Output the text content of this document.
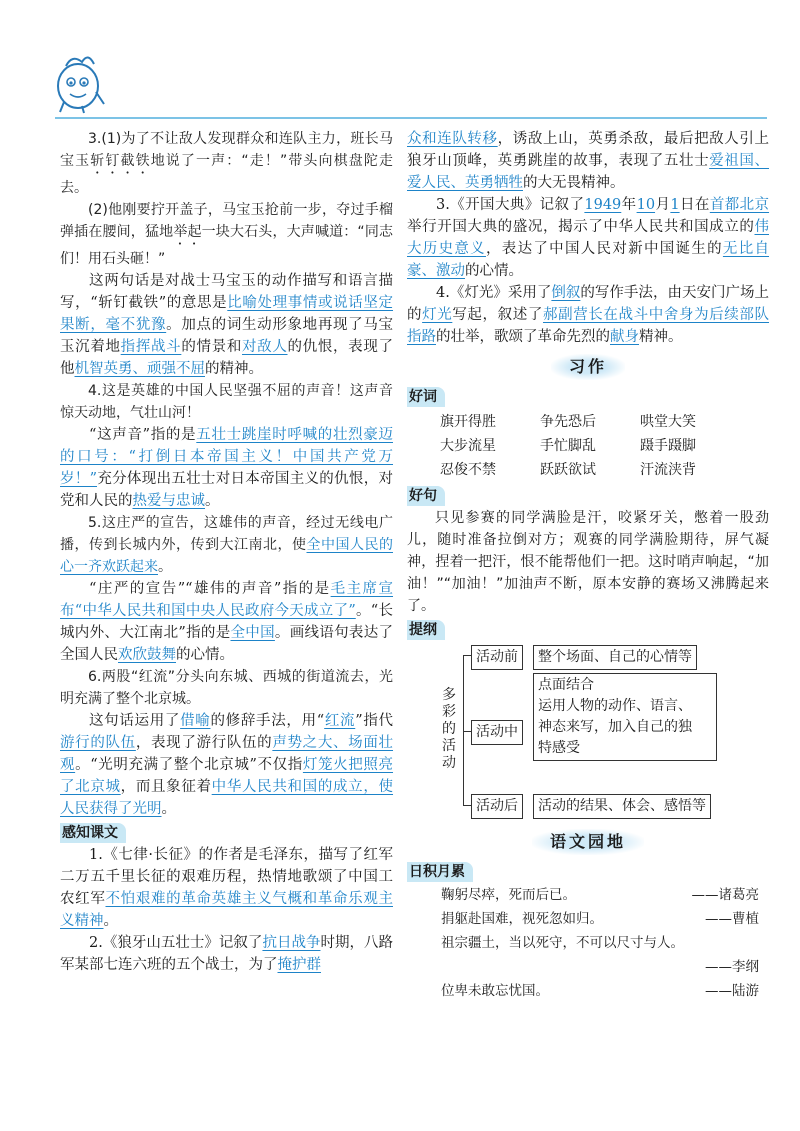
3.(1)为了不让敌人发现群众和连队主力，班长马宝玉斩钉截铁地说了一声：“走！”带头向棋盘陀走去。

(2)他刚要拧开盖子，马宝玉抢前一步，夺过手榴弹插在腰间，猛地举起一块大石头，大声喊道：“同志们！用石头砸！”

这两句话是对战士马宝玉的动作描写和语言描写，“斩钉截铁”的意思是比喻处理事情或说话坚定果断，毫不犹豫。加点的词生动形象地再现了马宝玉沉着地指挥战斗的情景和对敌人的仇恨，表现了他机智英勇、顽强不屈的精神。

4.这是英雄的中国人民坚强不屈的声音！这声音惊天动地，气壮山河！

“这声音”指的是五壮士跳崖时呼喊的壮烈豪迈的口号：“打倒日本帝国主义！中国共产党万岁！”充分体现出五壮士对日本帝国主义的仇恨，对党和人民的热爱与忠诚。

5.这庄严的宣告，这雄伟的声音，经过无线电广播，传到长城内外，传到大江南北，使全中国人民的心一齐欢跃起来。

“庄严的宣告”“雄伟的声音”指的是毛主席宣布“中华人民共和国中央人民政府今天成立了”。“长城内外、大江南北”指的是全中国。画线语句表达了全国人民欢欣鼓舞的心情。

6.两股“红流”分头向东城、西城的街道流去，光明充满了整个北京城。

这句话运用了借喻的修辞手法，用“红流”指代游行的队伍，表现了游行队伍的声势之大、场面壮观。“光明充满了整个北京城”不仅指灯笼火把照亮了北京城，而且象征着中华人民共和国的成立，使人民获得了光明。

感知课文

1.《七律·长征》的作者是毛泽东，描写了红军二万五千里长征的艰难历程，热情地歌颂了中国工农红军不怕艰难的革命英雄主义气概和革命乐观主义精神。

2.《狼牙山五壮士》记叙了抗日战争时期，八路军某部七连六班的五个战士，为了掩护群

众和连队转移，诱敌上山，英勇杀敌，最后把敌人引上狼牙山顶峰，英勇跳崖的故事，表现了五壮士爱祖国、爱人民、英勇牺牲的大无畏精神。

3.《开国大典》记叙了1949年10月1日在首都北京举行开国大典的盛况，揭示了中华人民共和国成立的伟大历史意义，表达了中国人民对新中国诞生的无比自豪、激动的心情。

4.《灯光》采用了倒叙的写作手法，由天安门广场上的灯光写起，叙述了郝副营长在战斗中舍身为后续部队指路的壮举，歌颂了革命先烈的献身精神。

习作
好词
旗开得胜	争先恐后	哄堂大笑
大步流星	手忙脚乱	蹑手蹑脚
忍俊不禁	跃跃欲试	汗流浃背
好句

只见参赛的同学满脸是汗，咬紧牙关，憋着一股劲儿，随时准备拉倒对方；观赛的同学满脸期待，屏气凝神，捏着一把汗，恨不能帮他们一把。这时哨声响起，“加油！”“加油！”加油声不断，原本安静的赛场又沸腾起来了。

提纲
多彩的活动
活动前	整个场面、自己的心情等
活动中
点面结合
运用人物的动作、语言、
神态来写，加入自己的独
特感受
活动后	活动的结果、体会、感悟等
语文园地
日积月累
鞠躬尽瘁，死而后已。	——诸葛亮
捐躯赴国难，视死忽如归。	——曹植
祖宗疆土，当以死守，不可以尺寸与人。
——李纲
位卑未敢忘忧国。	——陆游
